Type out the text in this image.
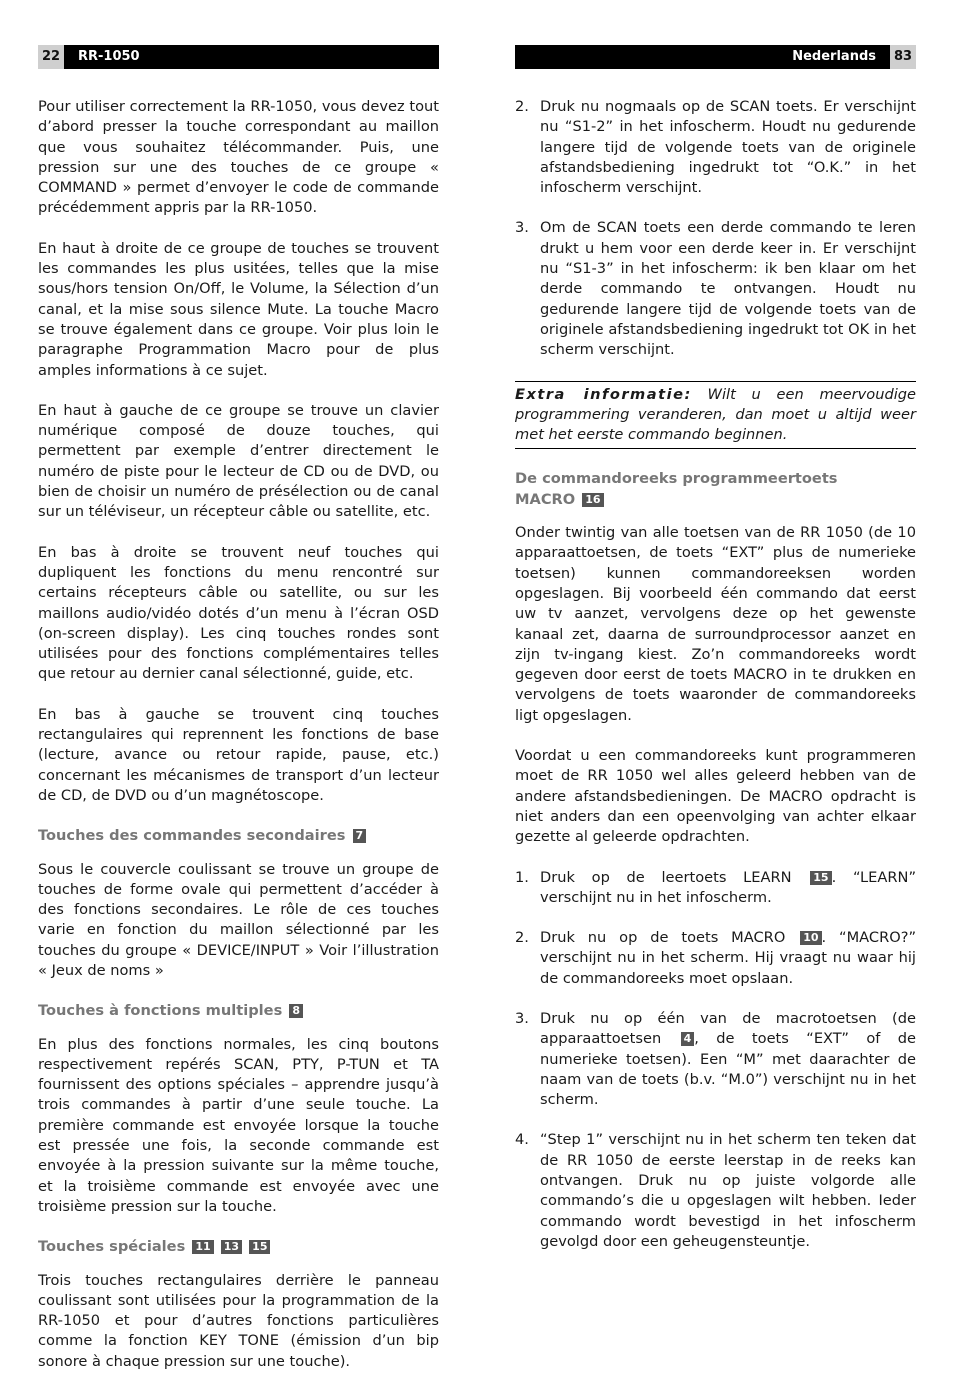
22	RR-1050	Nederlands	83

Pour utiliser correctement la RR-1050, vous devez tout d’abord presser la touche correspondant au maillon que vous souhaitez télécommander. Puis, une pression sur une des touches de ce groupe « COMMAND » permet d’envoyer le code de commande précédemment appris par la RR-1050.

En haut à droite de ce groupe de touches se trouvent les commandes les plus usitées, telles que la mise sous/hors tension On/Off, le Volume, la Sélection d’un canal, et la mise sous silence Mute. La touche Macro se trouve également dans ce groupe. Voir plus loin le paragraphe Programmation Macro pour de plus amples informations à ce sujet.

En haut à gauche de ce groupe se trouve un clavier numérique composé de douze touches, qui permettent par exemple d’entrer directement le numéro de piste pour le lecteur de CD ou de DVD, ou bien de choisir un numéro de présélection ou de canal sur un téléviseur, un récepteur câble ou satellite, etc.

En bas à droite se trouvent neuf touches qui dupliquent les fonctions du menu rencontré sur certains récepteurs câble ou satellite, ou sur les maillons audio/vidéo dotés d’un menu à l’écran OSD (on-screen display). Les cinq touches rondes sont utilisées pour des fonctions complémentaires telles que retour au dernier canal sélectionné, guide, etc.

En bas à gauche se trouvent cinq touches rectangulaires qui reprennent les fonctions de base (lecture, avance ou retour rapide, pause, etc.) concernant les mécanismes de transport d’un lecteur de CD, de DVD ou d’un magnétoscope.

Touches des commandes secondaires 7

Sous le couvercle coulissant se trouve un groupe de touches de forme ovale qui permettent d’accéder à des fonctions secondaires. Le rôle de ces touches varie en fonction du maillon sélectionné par les touches du groupe « DEVICE/INPUT » Voir l’illustration « Jeux de noms »

Touches à fonctions multiples 8

En plus des fonctions normales, les cinq boutons respectivement repérés SCAN, PTY, P-TUN et TA fournissent des options spéciales – apprendre jusqu’à trois commandes à partir d’une seule touche. La première commande est envoyée lorsque la touche est pressée une fois, la seconde commande est envoyée à la pression suivante sur la même touche, et la troisième commande est envoyée avec une troisième pression sur la touche.

Touches spéciales 11 13 15

Trois touches rectangulaires derrière le panneau coulissant sont utilisées pour la programmation de la RR-1050 et pour d’autres fonctions particulières comme la fonction KEY TONE (émission d’un bip sonore à chaque pression sur une touche).

2. Druk nu nogmaals op de SCAN toets. Er verschijnt nu “S1-2” in het infoscherm. Houdt nu gedurende langere tijd de volgende toets van de originele afstandsbediening ingedrukt tot “O.K.” in het infoscherm verschijnt.
3. Om de SCAN toets een derde commando te leren drukt u hem voor een derde keer in. Er verschijnt nu “S1-3” in het infoscherm: ik ben klaar om het derde commando te ontvangen. Houdt nu gedurende langere tijd de volgende toets van de originele afstandsbediening ingedrukt tot OK in het scherm verschijnt.
Extra informatie: Wilt u een meervoudige programmering veranderen, dan moet u altijd weer met het eerste commando beginnen.
De commandoreeks programmeertoets
MACRO 16

Onder twintig van alle toetsen van de RR 1050 (de 10 apparaattoetsen, de toets “EXT” plus de numerieke toetsen) kunnen commandoreeksen worden opgeslagen. Bij voorbeeld één commando dat eerst uw tv aanzet, vervolgens deze op het gewenste kanaal zet, daarna de surroundprocessor aanzet en zijn tv-ingang kiest. Zo’n commandoreeks wordt gegeven door eerst de toets MACRO in te drukken en vervolgens de toets waaronder de commandoreeks ligt opgeslagen.

Voordat u een commandoreeks kunt programmeren moet de RR 1050 wel alles geleerd hebben van de andere afstandsbedieningen. De MACRO opdracht is niet anders dan een opeenvolging van achter elkaar gezette al geleerde opdrachten.

1. Druk op de leertoets LEARN 15 . “LEARN” verschijnt nu in het infoscherm.
2. Druk nu op de toets MACRO 10 . “MACRO?” verschijnt nu in het scherm. Hij vraagt nu waar hij de commandoreeks moet opslaan.
3. Druk nu op één van de macrotoetsen (de apparaattoetsen 4 , de toets “EXT” of de numerieke toetsen). Een “M” met daarachter de naam van de toets (b.v. “M.0”) verschijnt nu in het scherm.
4. “Step 1” verschijnt nu in het scherm ten teken dat de RR 1050 de eerste leerstap in de reeks kan ontvangen. Druk nu op juiste volgorde alle commando’s die u opgeslagen wilt hebben. Ieder commando wordt bevestigd in het infoscherm gevolgd door een geheugensteuntje.
